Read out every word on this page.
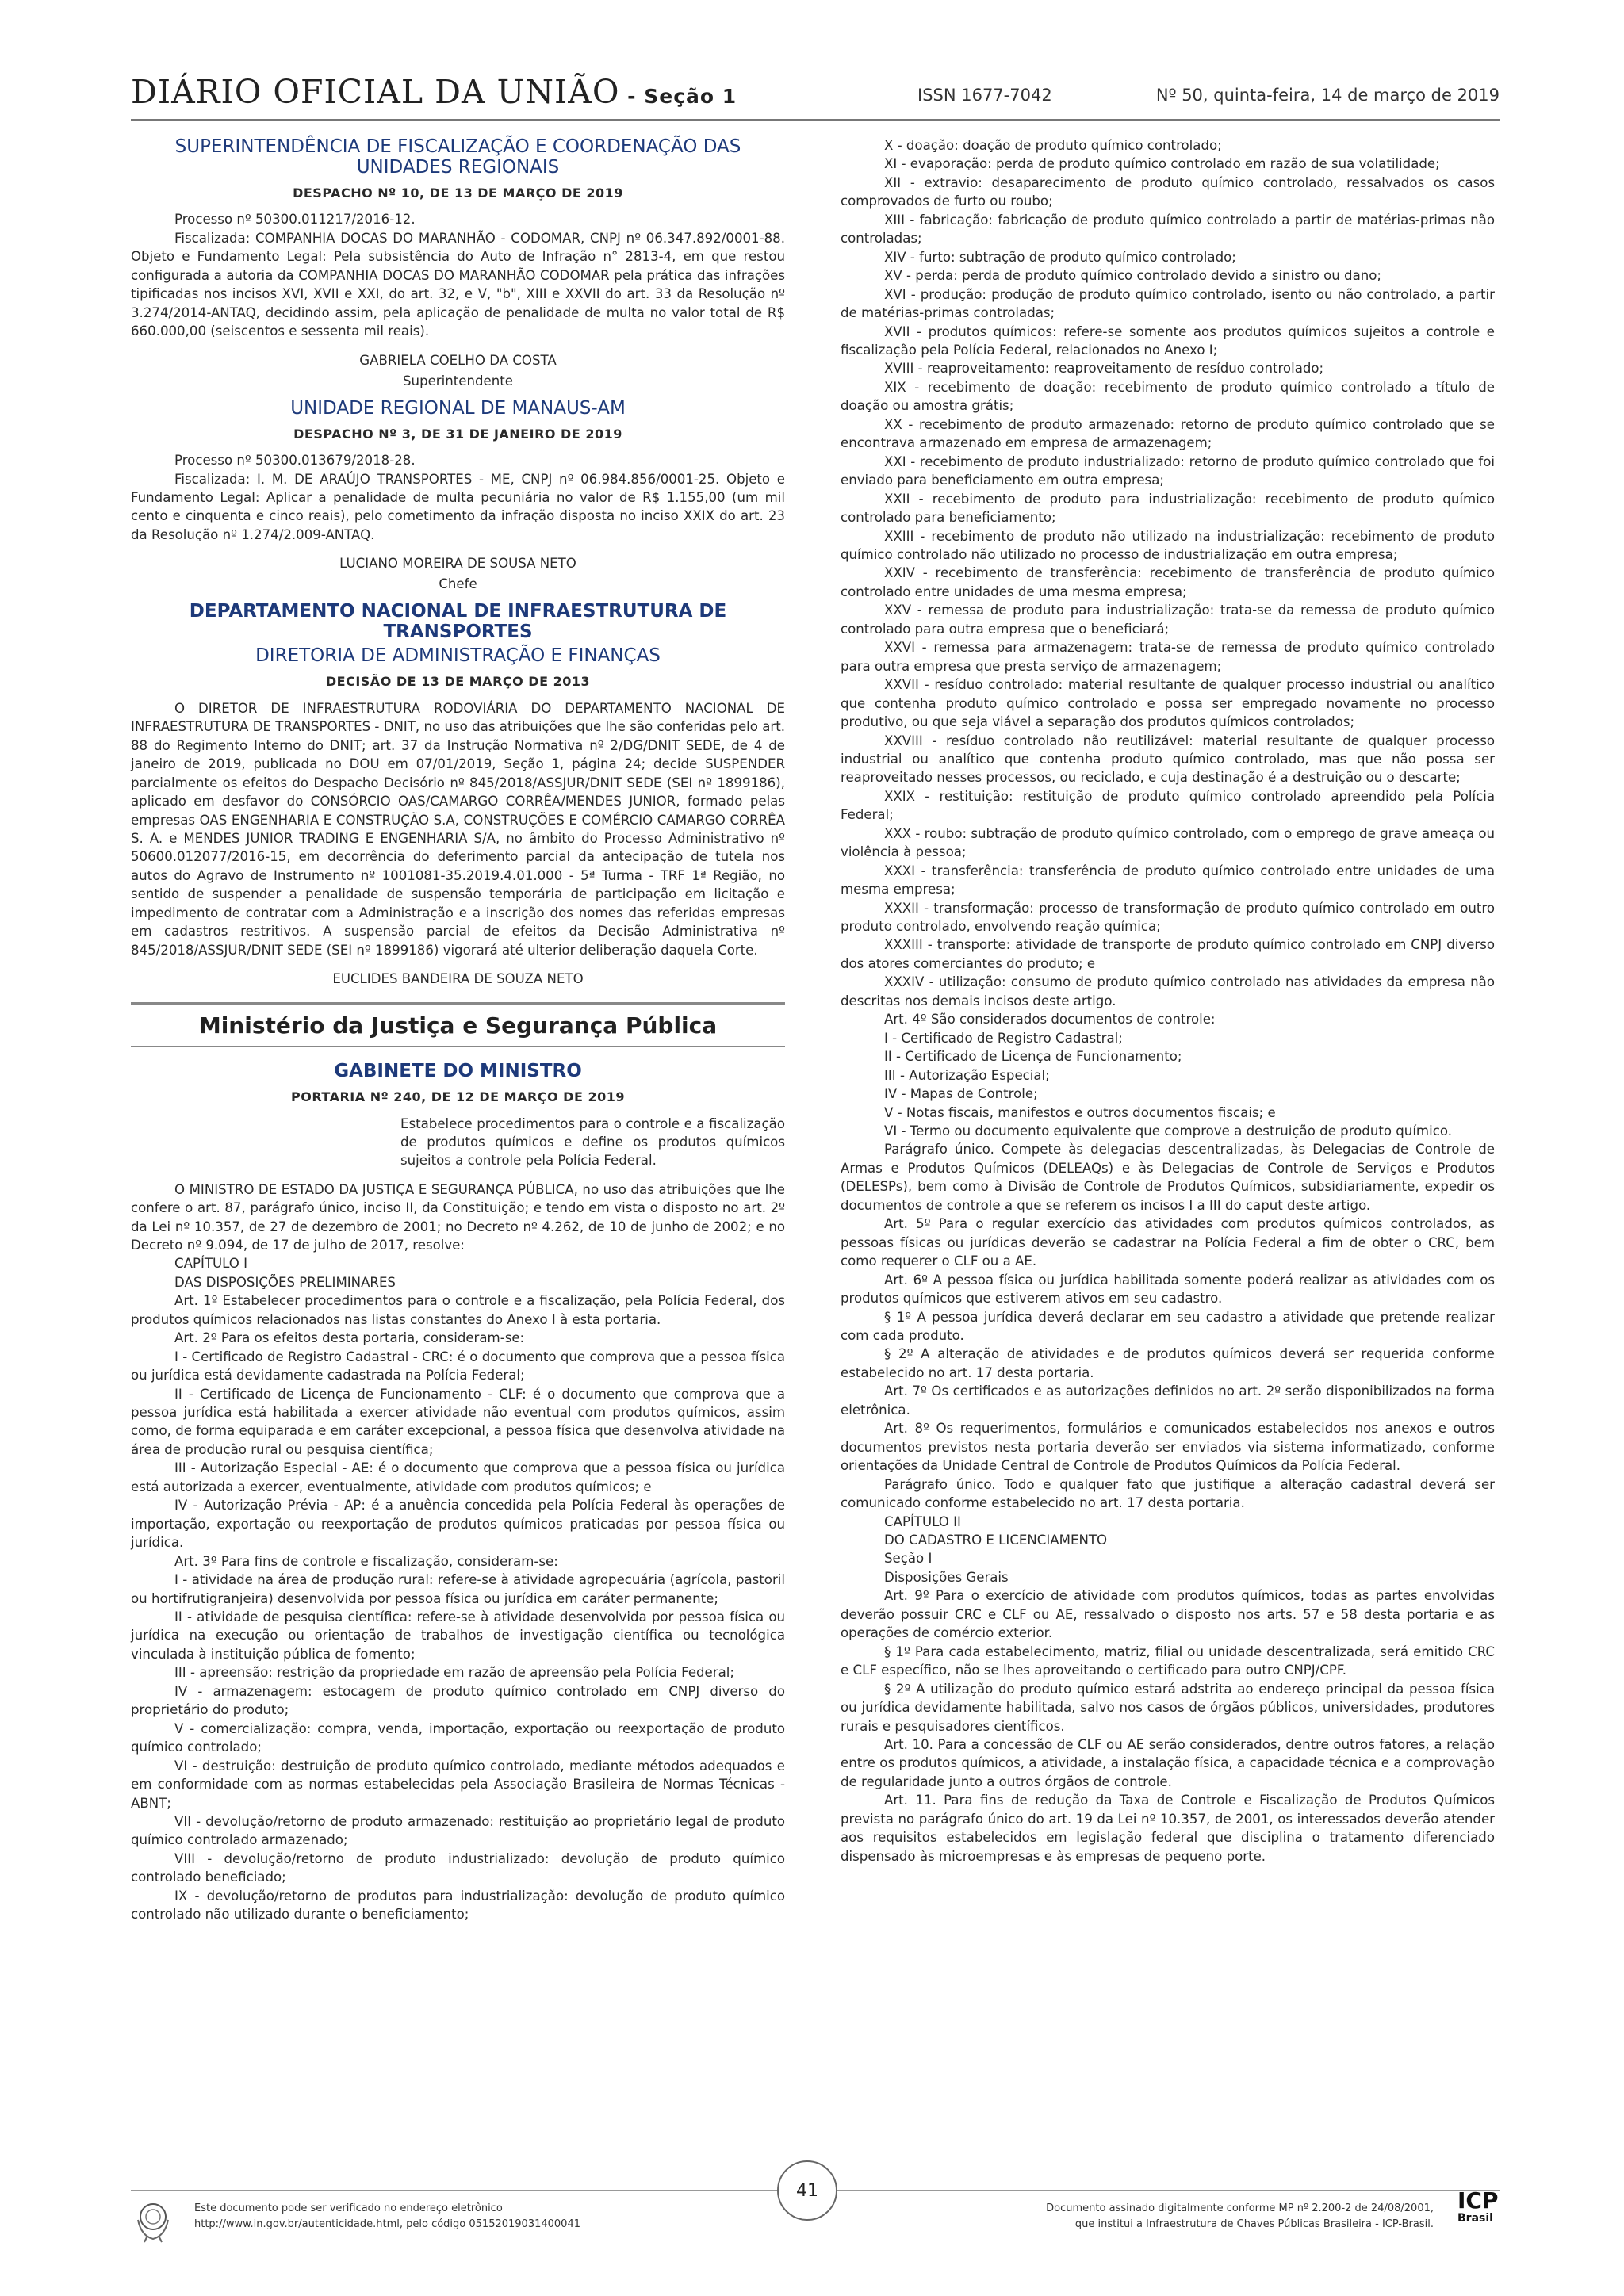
DIÁRIO OFICIAL DA UNIÃO - Seção 1	ISSN 1677-7042	Nº 50, quinta-feira, 14 de março de 2019
SUPERINTENDÊNCIA DE FISCALIZAÇÃO E COORDENAÇÃO DAS UNIDADES REGIONAIS
DESPACHO Nº 10, DE 13 DE MARÇO DE 2019

Processo nº 50300.011217/2016-12.

Fiscalizada: COMPANHIA DOCAS DO MARANHÃO - CODOMAR, CNPJ nº 06.347.892/0001-88. Objeto e Fundamento Legal: Pela subsistência do Auto de Infração n° 2813-4, em que restou configurada a autoria da COMPANHIA DOCAS DO MARANHÃO CODOMAR pela prática das infrações tipificadas nos incisos XVI, XVII e XXI, do art. 32, e V, "b", XIII e XXVII do art. 33 da Resolução nº 3.274/2014-ANTAQ, decidindo assim, pela aplicação de penalidade de multa no valor total de R$ 660.000,00 (seiscentos e sessenta mil reais).

GABRIELA COELHO DA COSTA
Superintendente
UNIDADE REGIONAL DE MANAUS-AM
DESPACHO Nº 3, DE 31 DE JANEIRO DE 2019

Processo nº 50300.013679/2018-28.

Fiscalizada: I. M. DE ARAÚJO TRANSPORTES - ME, CNPJ nº 06.984.856/0001-25. Objeto e Fundamento Legal: Aplicar a penalidade de multa pecuniária no valor de R$ 1.155,00 (um mil cento e cinquenta e cinco reais), pelo cometimento da infração disposta no inciso XXIX do art. 23 da Resolução nº 1.274/2.009-ANTAQ.

LUCIANO MOREIRA DE SOUSA NETO
Chefe
DEPARTAMENTO NACIONAL DE INFRAESTRUTURA DE TRANSPORTES
DIRETORIA DE ADMINISTRAÇÃO E FINANÇAS
DECISÃO DE 13 DE MARÇO DE 2013

O DIRETOR DE INFRAESTRUTURA RODOVIÁRIA DO DEPARTAMENTO NACIONAL DE INFRAESTRUTURA DE TRANSPORTES - DNIT, no uso das atribuições que lhe são conferidas pelo art. 88 do Regimento Interno do DNIT; art. 37 da Instrução Normativa nº 2/DG/DNIT SEDE, de 4 de janeiro de 2019, publicada no DOU em 07/01/2019, Seção 1, página 24; decide SUSPENDER parcialmente os efeitos do Despacho Decisório nº 845/2018/ASSJUR/DNIT SEDE (SEI nº 1899186), aplicado em desfavor do CONSÓRCIO OAS/CAMARGO CORRÊA/MENDES JUNIOR, formado pelas empresas OAS ENGENHARIA E CONSTRUÇÃO S.A, CONSTRUÇÕES E COMÉRCIO CAMARGO CORRÊA S. A. e MENDES JUNIOR TRADING E ENGENHARIA S/A, no âmbito do Processo Administrativo nº 50600.012077/2016-15, em decorrência do deferimento parcial da antecipação de tutela nos autos do Agravo de Instrumento nº 1001081-35.2019.4.01.000 - 5ª Turma - TRF 1ª Região, no sentido de suspender a penalidade de suspensão temporária de participação em licitação e impedimento de contratar com a Administração e a inscrição dos nomes das referidas empresas em cadastros restritivos. A suspensão parcial de efeitos da Decisão Administrativa nº 845/2018/ASSJUR/DNIT SEDE (SEI nº 1899186) vigorará até ulterior deliberação daquela Corte.

EUCLIDES BANDEIRA DE SOUZA NETO
Ministério da Justiça e Segurança Pública
GABINETE DO MINISTRO
PORTARIA Nº 240, DE 12 DE MARÇO DE 2019
Estabelece procedimentos para o controle e a fiscalização de produtos químicos e define os produtos químicos sujeitos a controle pela Polícia Federal.

O MINISTRO DE ESTADO DA JUSTIÇA E SEGURANÇA PÚBLICA, no uso das atribuições que lhe confere o art. 87, parágrafo único, inciso II, da Constituição; e tendo em vista o disposto no art. 2º da Lei nº 10.357, de 27 de dezembro de 2001; no Decreto nº 4.262, de 10 de junho de 2002; e no Decreto nº 9.094, de 17 de julho de 2017, resolve:

CAPÍTULO I

DAS DISPOSIÇÕES PRELIMINARES

Art. 1º Estabelecer procedimentos para o controle e a fiscalização, pela Polícia Federal, dos produtos químicos relacionados nas listas constantes do Anexo I à esta portaria.

Art. 2º Para os efeitos desta portaria, consideram-se:

I - Certificado de Registro Cadastral - CRC: é o documento que comprova que a pessoa física ou jurídica está devidamente cadastrada na Polícia Federal;

II - Certificado de Licença de Funcionamento - CLF: é o documento que comprova que a pessoa jurídica está habilitada a exercer atividade não eventual com produtos químicos, assim como, de forma equiparada e em caráter excepcional, a pessoa física que desenvolva atividade na área de produção rural ou pesquisa científica;

III - Autorização Especial - AE: é o documento que comprova que a pessoa física ou jurídica está autorizada a exercer, eventualmente, atividade com produtos químicos; e

IV - Autorização Prévia - AP: é a anuência concedida pela Polícia Federal às operações de importação, exportação ou reexportação de produtos químicos praticadas por pessoa física ou jurídica.

Art. 3º Para fins de controle e fiscalização, consideram-se:

I - atividade na área de produção rural: refere-se à atividade agropecuária (agrícola, pastoril ou hortifrutigranjeira) desenvolvida por pessoa física ou jurídica em caráter permanente;

II - atividade de pesquisa científica: refere-se à atividade desenvolvida por pessoa física ou jurídica na execução ou orientação de trabalhos de investigação científica ou tecnológica vinculada à instituição pública de fomento;

III - apreensão: restrição da propriedade em razão de apreensão pela Polícia Federal;

IV - armazenagem: estocagem de produto químico controlado em CNPJ diverso do proprietário do produto;

V - comercialização: compra, venda, importação, exportação ou reexportação de produto químico controlado;

VI - destruição: destruição de produto químico controlado, mediante métodos adequados e em conformidade com as normas estabelecidas pela Associação Brasileira de Normas Técnicas - ABNT;

VII - devolução/retorno de produto armazenado: restituição ao proprietário legal de produto químico controlado armazenado;

VIII - devolução/retorno de produto industrializado: devolução de produto químico controlado beneficiado;

IX - devolução/retorno de produtos para industrialização: devolução de produto químico controlado não utilizado durante o beneficiamento;

X - doação: doação de produto químico controlado;

XI - evaporação: perda de produto químico controlado em razão de sua volatilidade;

XII - extravio: desaparecimento de produto químico controlado, ressalvados os casos comprovados de furto ou roubo;

XIII - fabricação: fabricação de produto químico controlado a partir de matérias-primas não controladas;

XIV - furto: subtração de produto químico controlado;

XV - perda: perda de produto químico controlado devido a sinistro ou dano;

XVI - produção: produção de produto químico controlado, isento ou não controlado, a partir de matérias-primas controladas;

XVII - produtos químicos: refere-se somente aos produtos químicos sujeitos a controle e fiscalização pela Polícia Federal, relacionados no Anexo I;

XVIII - reaproveitamento: reaproveitamento de resíduo controlado;

XIX - recebimento de doação: recebimento de produto químico controlado a título de doação ou amostra grátis;

XX - recebimento de produto armazenado: retorno de produto químico controlado que se encontrava armazenado em empresa de armazenagem;

XXI - recebimento de produto industrializado: retorno de produto químico controlado que foi enviado para beneficiamento em outra empresa;

XXII - recebimento de produto para industrialização: recebimento de produto químico controlado para beneficiamento;

XXIII - recebimento de produto não utilizado na industrialização: recebimento de produto químico controlado não utilizado no processo de industrialização em outra empresa;

XXIV - recebimento de transferência: recebimento de transferência de produto químico controlado entre unidades de uma mesma empresa;

XXV - remessa de produto para industrialização: trata-se da remessa de produto químico controlado para outra empresa que o beneficiará;

XXVI - remessa para armazenagem: trata-se de remessa de produto químico controlado para outra empresa que presta serviço de armazenagem;

XXVII - resíduo controlado: material resultante de qualquer processo industrial ou analítico que contenha produto químico controlado e possa ser empregado novamente no processo produtivo, ou que seja viável a separação dos produtos químicos controlados;

XXVIII - resíduo controlado não reutilizável: material resultante de qualquer processo industrial ou analítico que contenha produto químico controlado, mas que não possa ser reaproveitado nesses processos, ou reciclado, e cuja destinação é a destruição ou o descarte;

XXIX - restituição: restituição de produto químico controlado apreendido pela Polícia Federal;

XXX - roubo: subtração de produto químico controlado, com o emprego de grave ameaça ou violência à pessoa;

XXXI - transferência: transferência de produto químico controlado entre unidades de uma mesma empresa;

XXXII - transformação: processo de transformação de produto químico controlado em outro produto controlado, envolvendo reação química;

XXXIII - transporte: atividade de transporte de produto químico controlado em CNPJ diverso dos atores comerciantes do produto; e

XXXIV - utilização: consumo de produto químico controlado nas atividades da empresa não descritas nos demais incisos deste artigo.

Art. 4º São considerados documentos de controle:

I - Certificado de Registro Cadastral;

II - Certificado de Licença de Funcionamento;

III - Autorização Especial;

IV - Mapas de Controle;

V - Notas fiscais, manifestos e outros documentos fiscais; e

VI - Termo ou documento equivalente que comprove a destruição de produto químico.

Parágrafo único. Compete às delegacias descentralizadas, às Delegacias de Controle de Armas e Produtos Químicos (DELEAQs) e às Delegacias de Controle de Serviços e Produtos (DELESPs), bem como à Divisão de Controle de Produtos Químicos, subsidiariamente, expedir os documentos de controle a que se referem os incisos I a III do caput deste artigo.

Art. 5º Para o regular exercício das atividades com produtos químicos controlados, as pessoas físicas ou jurídicas deverão se cadastrar na Polícia Federal a fim de obter o CRC, bem como requerer o CLF ou a AE.

Art. 6º A pessoa física ou jurídica habilitada somente poderá realizar as atividades com os produtos químicos que estiverem ativos em seu cadastro.

§ 1º A pessoa jurídica deverá declarar em seu cadastro a atividade que pretende realizar com cada produto.

§ 2º A alteração de atividades e de produtos químicos deverá ser requerida conforme estabelecido no art. 17 desta portaria.

Art. 7º Os certificados e as autorizações definidos no art. 2º serão disponibilizados na forma eletrônica.

Art. 8º Os requerimentos, formulários e comunicados estabelecidos nos anexos e outros documentos previstos nesta portaria deverão ser enviados via sistema informatizado, conforme orientações da Unidade Central de Controle de Produtos Químicos da Polícia Federal.

Parágrafo único. Todo e qualquer fato que justifique a alteração cadastral deverá ser comunicado conforme estabelecido no art. 17 desta portaria.

CAPÍTULO II

DO CADASTRO E LICENCIAMENTO

Seção I

Disposições Gerais

Art. 9º Para o exercício de atividade com produtos químicos, todas as partes envolvidas deverão possuir CRC e CLF ou AE, ressalvado o disposto nos arts. 57 e 58 desta portaria e as operações de comércio exterior.

§ 1º Para cada estabelecimento, matriz, filial ou unidade descentralizada, será emitido CRC e CLF específico, não se lhes aproveitando o certificado para outro CNPJ/CPF.

§ 2º A utilização do produto químico estará adstrita ao endereço principal da pessoa física ou jurídica devidamente habilitada, salvo nos casos de órgãos públicos, universidades, produtores rurais e pesquisadores científicos.

Art. 10. Para a concessão de CLF ou AE serão considerados, dentre outros fatores, a relação entre os produtos químicos, a atividade, a instalação física, a capacidade técnica e a comprovação de regularidade junto a outros órgãos de controle.

Art. 11. Para fins de redução da Taxa de Controle e Fiscalização de Produtos Químicos prevista no parágrafo único do art. 19 da Lei nº 10.357, de 2001, os interessados deverão atender aos requisitos estabelecidos em legislação federal que disciplina o tratamento diferenciado dispensado às microempresas e às empresas de pequeno porte.

Este documento pode ser verificado no endereço eletrônico
http://www.in.gov.br/autenticidade.html, pelo código 05152019031400041
41
Documento assinado digitalmente conforme MP nº 2.200-2 de 24/08/2001,
que institui a Infraestrutura de Chaves Públicas Brasileira - ICP-Brasil.
ICP
Brasil
